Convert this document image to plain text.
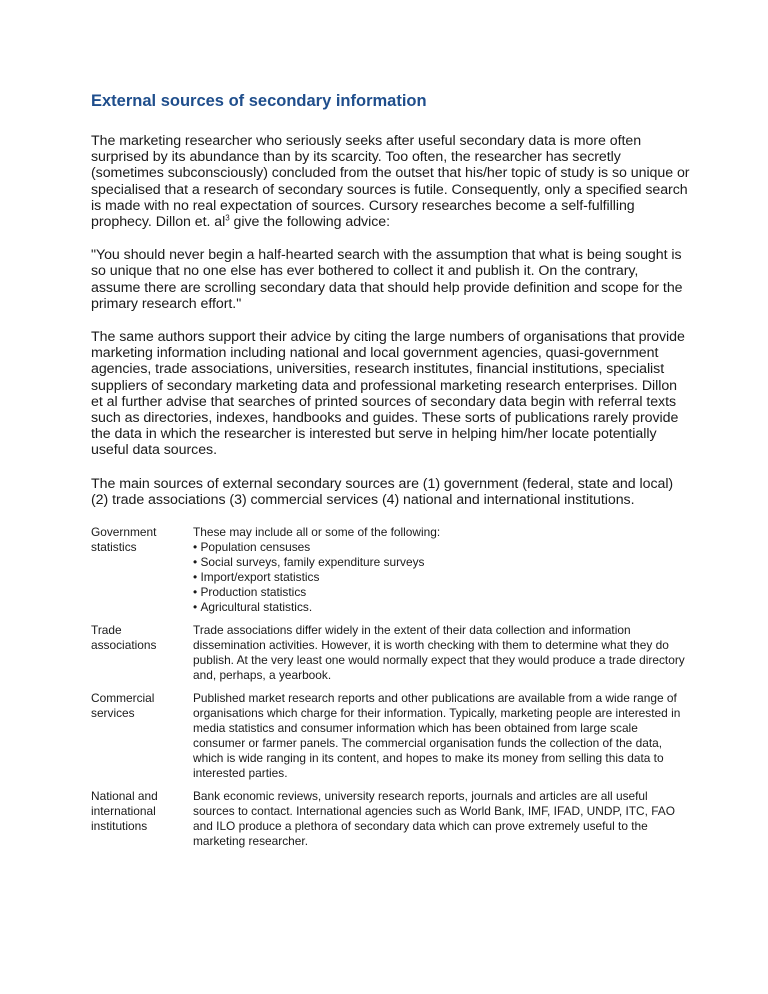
External sources of secondary information

The marketing researcher who seriously seeks after useful secondary data is more often surprised by its abundance than by its scarcity. Too often, the researcher has secretly (sometimes subconsciously) concluded from the outset that his/her topic of study is so unique or specialised that a research of secondary sources is futile. Consequently, only a specified search is made with no real expectation of sources. Cursory researches become a self-fulfilling prophecy. Dillon et. $al^3$ give the following advice:

"You should never begin a half-hearted search with the assumption that what is being sought is so unique that no one else has ever bothered to collect it and publish it. On the contrary, assume there are scrolling secondary data that should help provide definition and scope for the primary research effort."

The same authors support their advice by citing the large numbers of organisations that provide marketing information including national and local government agencies, quasi-government agencies, trade associations, universities, research institutes, financial institutions, specialist suppliers of secondary marketing data and professional marketing research enterprises. Dillon et al further advise that searches of printed sources of secondary data begin with referral texts such as directories, indexes, handbooks and guides. These sorts of publications rarely provide the data in which the researcher is interested but serve in helping him/her locate potentially useful data sources.

The main sources of external secondary sources are (1) government (federal, state and local) (2) trade associations (3) commercial services (4) national and international institutions.

Government
statistics
These may include all or some of the following:
• Population censuses
• Social surveys, family expenditure surveys
• Import/export statistics
• Production statistics
• Agricultural statistics.
Trade
associations
Trade associations differ widely in the extent of their data collection and information dissemination activities. However, it is worth checking with them to determine what they do publish. At the very least one would normally expect that they would produce a trade directory and, perhaps, a yearbook.
Commercial
services
Published market research reports and other publications are available from a wide range of organisations which charge for their information. Typically, marketing people are interested in media statistics and consumer information which has been obtained from large scale consumer or farmer panels. The commercial organisation funds the collection of the data, which is wide ranging in its content, and hopes to make its money from selling this data to interested parties.
National and
international
institutions
Bank economic reviews, university research reports, journals and articles are all useful sources to contact. International agencies such as World Bank, IMF, IFAD, UNDP, ITC, FAO and ILO produce a plethora of secondary data which can prove extremely useful to the marketing researcher.
